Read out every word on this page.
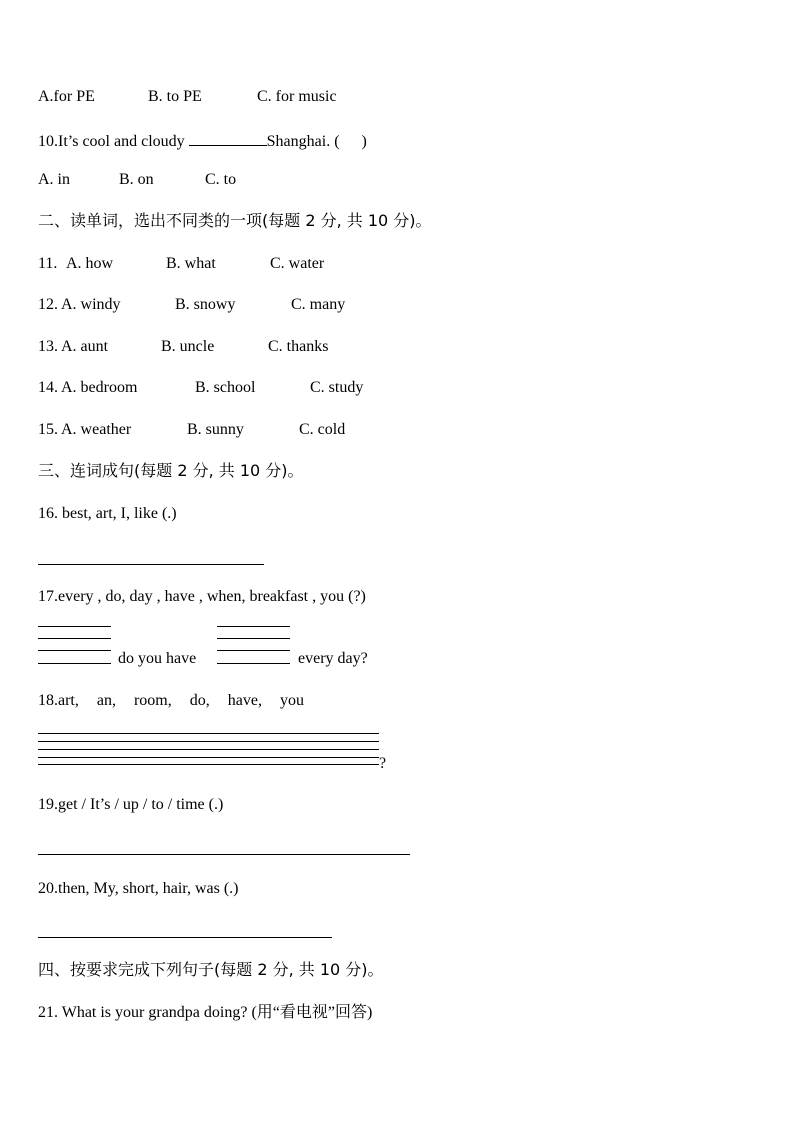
A.for PE	B. to PE	C. for music
10.It’s cool and cloudy	Shanghai. ( )
A. in	B. on	C. to
二、读单词，选出不同类的一项(每题 2 分, 共 10 分)。
11. A. how	B. what	C. water
12. A. windy	B. snowy	C. many
13. A. aunt	B. uncle	C. thanks
14. A. bedroom	B. school	C. study
15. A. weather	B. sunny	C. cold
三、连词成句(每题 2 分, 共 10 分)。
16. best, art, I, like (.)
17.every , do, day , have , when, breakfast , you (?)
do you have	every day?
18.art, an, room, do, have, you
?
19.get / It’s / up / to / time (.)
20.then, My, short, hair, was (.)
四、按要求完成下列句子(每题 2 分, 共 10 分)。
21. What is your grandpa doing? (用“看电视”回答)
